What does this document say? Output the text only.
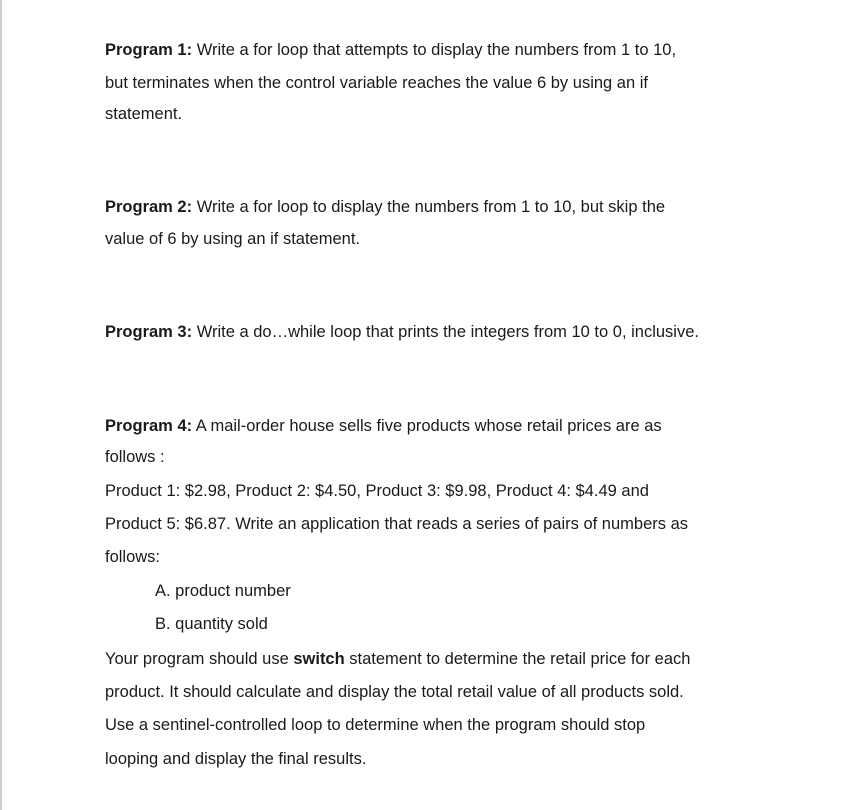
Program 1: Write a for loop that attempts to display the numbers from 1 to 10,
but terminates when the control variable reaches the value 6 by using an if
statement.
Program 2: Write a for loop to display the numbers from 1 to 10, but skip the
value of 6 by using an if statement.
Program 3: Write a do…while loop that prints the integers from 10 to 0, inclusive.
Program 4: A mail-order house sells five products whose retail prices are as
follows :
Product 1: $2.98, Product 2: $4.50, Product 3: $9.98, Product 4: $4.49 and
Product 5: $6.87. Write an application that reads a series of pairs of numbers as
follows:
A. product number
B. quantity sold
Your program should use switch statement to determine the retail price for each
product. It should calculate and display the total retail value of all products sold.
Use a sentinel-controlled loop to determine when the program should stop
looping and display the final results.
